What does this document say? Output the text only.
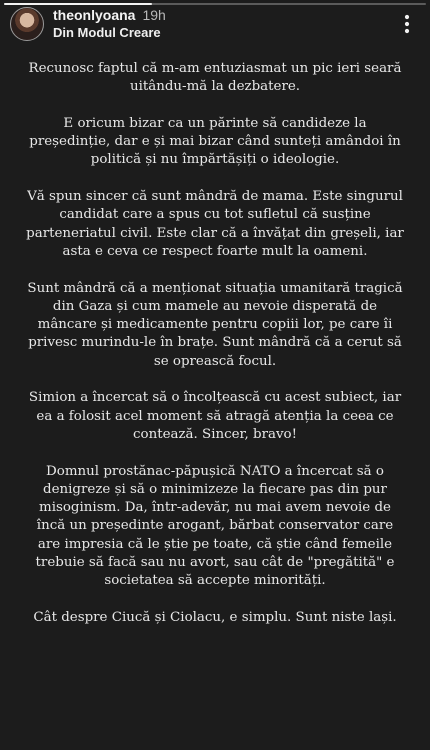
theonlyoana 19h
Din Modul Creare

Recunosc faptul că m-am entuziasmat un pic ieri seară uitându-mă la dezbatere.

E oricum bizar ca un părinte să candideze la președinție, dar e și mai bizar când sunteți amândoi în politică și nu împărtășiți o ideologie.

Vă spun sincer că sunt mândră de mama. Este singurul candidat care a spus cu tot sufletul că susține parteneriatul civil. Este clar că a învățat din greșeli, iar asta e ceva ce respect foarte mult la oameni.

Sunt mândră că a menționat situația umanitară tragică din Gaza și cum mamele au nevoie disperată de mâncare și medicamente pentru copiii lor, pe care îi privesc murindu-le în brațe. Sunt mândră că a cerut să se oprească focul.

Simion a încercat să o încolțească cu acest subiect, iar ea a folosit acel moment să atragă atenția la ceea ce contează. Sincer, bravo!

Domnul prostănac-păpușică NATO a încercat să o denigreze și să o minimizeze la fiecare pas din pur misoginism. Da, într-adevăr, nu mai avem nevoie de încă un președinte arogant, bărbat conservator care are impresia că le știe pe toate, că știe când femeile trebuie să facă sau nu avort, sau cât de "pregătită" e societatea să accepte minorități.

Cât despre Ciucă și Ciolacu, e simplu. Sunt niste lași.
